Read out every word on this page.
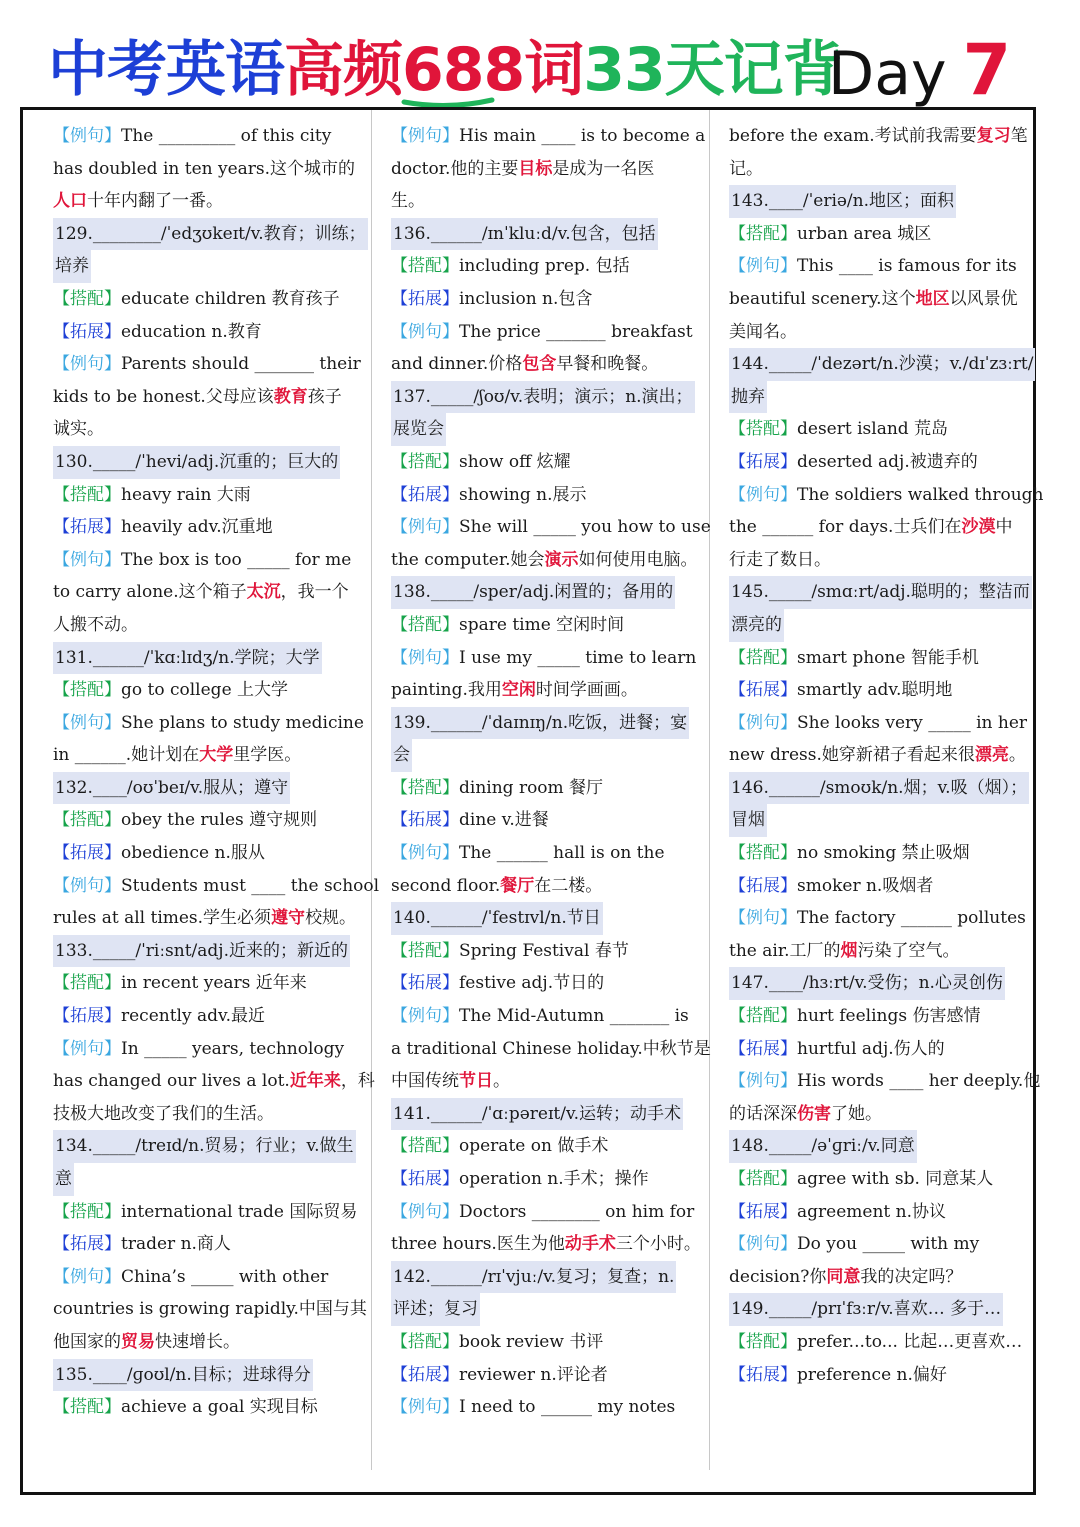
中考英语高频688词33天记背
Day 7
【例句】The _________ of this city
has doubled in ten years.这个城市的
人口十年内翻了一番。
129.________/ˈedʒʊkeɪt/v.教育；训练；
培养
【搭配】educate children 教育孩子
【拓展】education n.教育
【例句】Parents should _______ their
kids to be honest.父母应该教育孩子
诚实。
130._____/ˈhevi/adj.沉重的；巨大的
【搭配】heavy rain 大雨
【拓展】heavily adv.沉重地
【例句】The box is too _____ for me
to carry alone.这个箱子太沉，我一个
人搬不动。
131.______/ˈkɑːlɪdʒ/n.学院；大学
【搭配】go to college 上大学
【例句】She plans to study medicine
in ______.她计划在大学里学医。
132.____/oʊˈbeɪ/v.服从；遵守
【搭配】obey the rules 遵守规则
【拓展】obedience n.服从
【例句】Students must ____ the school
rules at all times.学生必须遵守校规。
133._____/ˈriːsnt/adj.近来的；新近的
【搭配】in recent years 近年来
【拓展】recently adv.最近
【例句】In _____ years, technology
has changed our lives a lot.近年来，科
技极大地改变了我们的生活。
134._____/treɪd/n.贸易；行业；v.做生
意
【搭配】international trade 国际贸易
【拓展】trader n.商人
【例句】China’s _____ with other
countries is growing rapidly.中国与其
他国家的贸易快速增长。
135.____/ɡoʊl/n.目标；进球得分
【搭配】achieve a goal 实现目标
【例句】His main ____ is to become a
doctor.他的主要目标是成为一名医
生。
136.______/ɪnˈkluːd/v.包含，包括
【搭配】including prep. 包括
【拓展】inclusion n.包含
【例句】The price _______ breakfast
and dinner.价格包含早餐和晚餐。
137._____/ʃoʊ/v.表明；演示；n.演出；
展览会
【搭配】show off 炫耀
【拓展】showing n.展示
【例句】She will _____ you how to use
the computer.她会演示如何使用电脑。
138._____/sper/adj.闲置的；备用的
【搭配】spare time 空闲时间
【例句】I use my _____ time to learn
painting.我用空闲时间学画画。
139.______/ˈdaɪnɪŋ/n.吃饭，进餐；宴
会
【搭配】dining room 餐厅
【拓展】dine v.进餐
【例句】The ______ hall is on the
second floor.餐厅在二楼。
140.______/ˈfestɪvl/n.节日
【搭配】Spring Festival 春节
【拓展】festive adj.节日的
【例句】The Mid-Autumn _______ is
a traditional Chinese holiday.中秋节是
中国传统节日。
141.______/ˈɑːpəreɪt/v.运转；动手术
【搭配】operate on 做手术
【拓展】operation n.手术；操作
【例句】Doctors ________ on him for
three hours.医生为他动手术三个小时。
142.______/rɪˈvjuː/v.复习；复查；n.
评述；复习
【搭配】book review 书评
【拓展】reviewer n.评论者
【例句】I need to ______ my notes
before the exam.考试前我需要复习笔
记。
143.____/ˈeriə/n.地区；面积
【搭配】urban area 城区
【例句】This ____ is famous for its
beautiful scenery.这个地区以风景优
美闻名。
144._____/ˈdezərt/n.沙漠；v./dɪˈzɜːrt/
抛弃
【搭配】desert island 荒岛
【拓展】deserted adj.被遗弃的
【例句】The soldiers walked through
the ______ for days.士兵们在沙漠中
行走了数日。
145._____/smɑːrt/adj.聪明的；整洁而
漂亮的
【搭配】smart phone 智能手机
【拓展】smartly adv.聪明地
【例句】She looks very _____ in her
new dress.她穿新裙子看起来很漂亮。
146.______/smoʊk/n.烟；v.吸（烟）；
冒烟
【搭配】no smoking 禁止吸烟
【拓展】smoker n.吸烟者
【例句】The factory ______ pollutes
the air.工厂的烟污染了空气。
147.____/hɜːrt/v.受伤；n.心灵创伤
【搭配】hurt feelings 伤害感情
【拓展】hurtful adj.伤人的
【例句】His words ____ her deeply.他
的话深深伤害了她。
148._____/əˈɡriː/v.同意
【搭配】agree with sb. 同意某人
【拓展】agreement n.协议
【例句】Do you _____ with my
decision?你同意我的决定吗？
149._____/prɪˈfɜːr/v.喜欢… 多于…
【搭配】prefer...to... 比起…更喜欢…
【拓展】preference n.偏好
